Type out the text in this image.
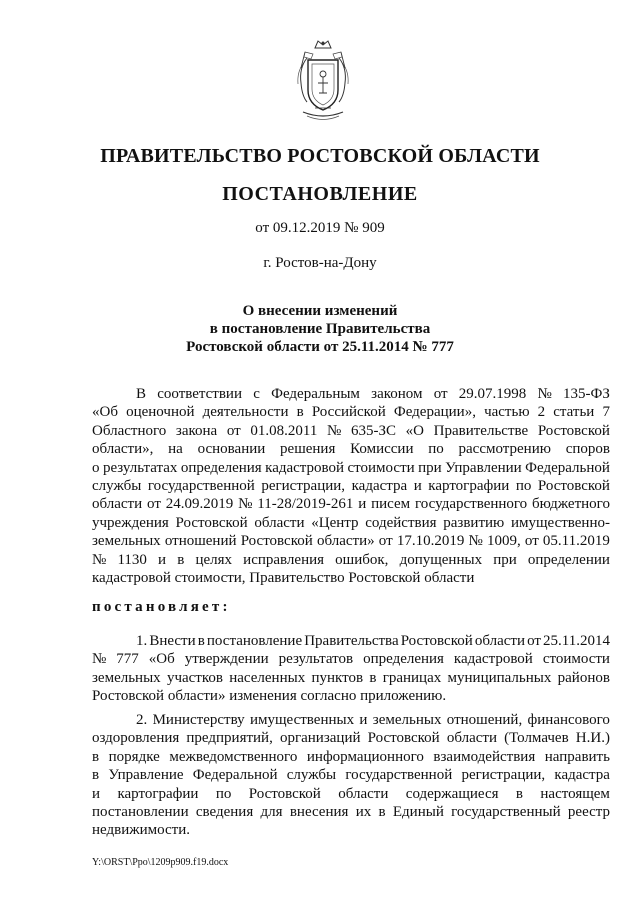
ПРАВИТЕЛЬСТВО РОСТОВСКОЙ ОБЛАСТИ
ПОСТАНОВЛЕНИЕ
от 09.12.2019 № 909
г. Ростов-на-Дону
О внесении изменений
в постановление Правительства
Ростовской области от 25.11.2014 № 777
В соответствии с Федеральным законом от 29.07.1998 № 135-ФЗ
«Об оценочной деятельности в Российской Федерации», частью 2 статьи 7
Областного закона от 01.08.2011 № 635-ЗС «О Правительстве Ростовской
области», на основании решения Комиссии по рассмотрению споров
о результатах определения кадастровой стоимости при Управлении Федеральной
службы государственной регистрации, кадастра и картографии по Ростовской
области от 24.09.2019 № 11-28/2019-261 и писем государственного бюджетного
учреждения Ростовской области «Центр содействия развитию имущественно-
земельных отношений Ростовской области» от 17.10.2019 № 1009, от 05.11.2019
№ 1130 и в целях исправления ошибок, допущенных при определении
кадастровой стоимости, Правительство Ростовской области
постановляет:
1. Внести в постановление Правительства Ростовской области от 25.11.2014
№ 777 «Об утверждении результатов определения кадастровой стоимости
земельных участков населенных пунктов в границах муниципальных районов
Ростовской области» изменения согласно приложению.
2. Министерству имущественных и земельных отношений, финансового
оздоровления предприятий, организаций Ростовской области (Толмачев Н.И.)
в порядке межведомственного информационного взаимодействия направить
в Управление Федеральной службы государственной регистрации, кадастра
и картографии по Ростовской области содержащиеся в настоящем
постановлении сведения для внесения их в Единый государственный реестр
недвижимости.
Y:\ORST\Ppo\1209p909.f19.docx
